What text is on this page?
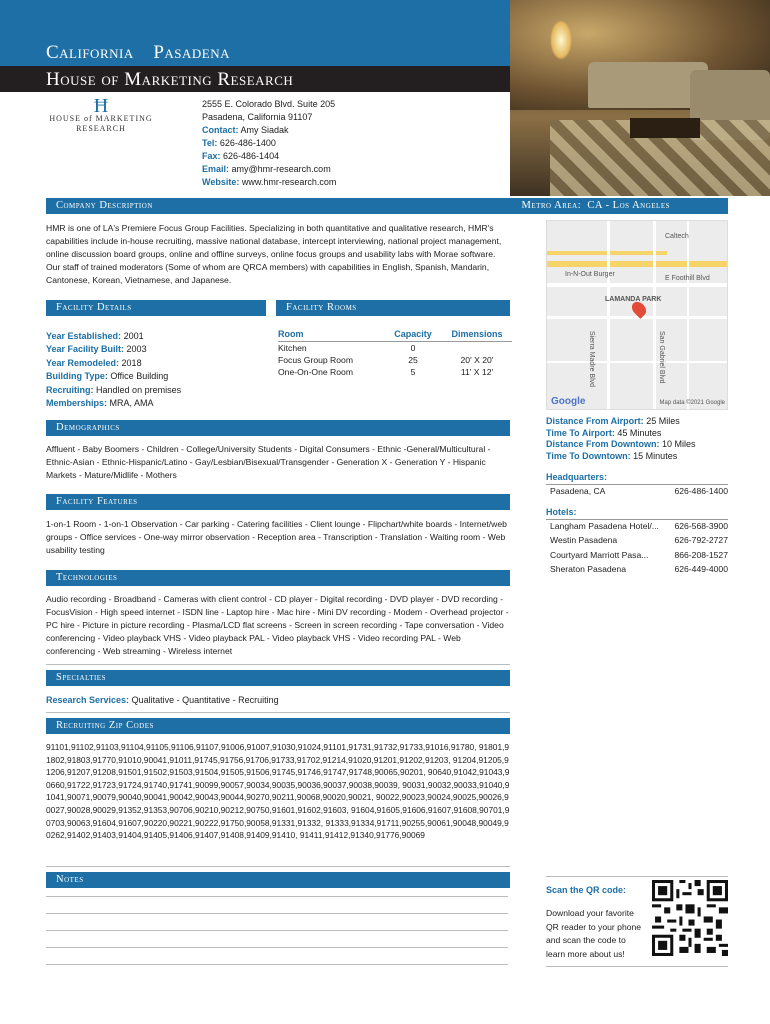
California Pasadena
House of Marketing Research
Ħ
HOUSE of MARKETING
RESEARCH
2555 E. Colorado Blvd. Suite 205
Pasadena, California 91107
Contact: Amy Siadak
Tel: 626-486-1400
Fax: 626-486-1404
Email: amy@hmr-research.com
Website: www.hmr-research.com
Company Description	Metro Area: CA - Los Angeles
HMR is one of LA's Premiere Focus Group Facilities. Specializing in both quantitative and qualitative research, HMR's capabilities include in-house recruiting, massive national database, intercept interviewing, national project management, online discussion board groups, online and offline surveys, online focus groups and usability labs with Morae software. Our staff of trained moderators (Some of whom are QRCA members) with capabilities in English, Spanish, Mandarin, Cantonese, Korean, Vietnamese, and Japanese.
Facility Details
Year Established: 2001
Year Facility Built: 2003
Year Remodeled: 2018
Building Type: Office Building
Recruiting: Handled on premises
Memberships: MRA, AMA
Facility Rooms
Room	Capacity	Dimensions
Kitchen	0	
Focus Group Room	25	20' X 20'
One-On-One Room	5	11' X 12'
Caltech
In-N-Out Burger
E Foothill Blvd
LAMANDA PARK
Sierra Madre Blvd	San Gabriel Blvd
Google	Map data ©2021 Google
Distance From Airport: 25 Miles
Time To Airport: 45 Minutes
Distance From Downtown: 10 Miles
Time To Downtown: 15 Minutes
Headquarters:
Pasadena, CA	626-486-1400
Hotels:
Langham Pasadena Hotel/... 626-568-3900
Westin Pasadena	626-792-2727
Courtyard Marriott Pasa...	866-208-1527
Sheraton Pasadena	626-449-4000
Demographics
Affluent - Baby Boomers - Children - College/University Students - Digital Consumers - Ethnic -General/Multicultural - Ethnic-Asian - Ethnic-Hispanic/Latino - Gay/Lesbian/Bisexual/Transgender - Generation X - Generation Y - Hispanic Markets - Mature/Midlife - Mothers
Facility Features
1-on-1 Room - 1-on-1 Observation - Car parking - Catering facilities - Client lounge - Flipchart/white boards - Internet/web groups - Office services - One-way mirror observation - Reception area - Transcription - Translation - Waiting room - Web usability testing
Technologies
Audio recording - Broadband - Cameras with client control - CD player - Digital recording - DVD player - DVD recording - FocusVision - High speed internet - ISDN line - Laptop hire - Mac hire - Mini DV recording - Modem - Overhead projector - PC hire - Picture in picture recording - Plasma/LCD flat screens - Screen in screen recording - Tape conversation - Video conferencing - Video playback VHS - Video playback PAL - Video playback VHS - Video recording PAL - Web conferencing - Web streaming - Wireless internet
Specialties
Research Services: Qualitative - Quantitative - Recruiting
Recruiting Zip Codes
91101,91102,91103,91104,91105,91106,91107,91006,91007,91030,91024,91101,91731,91732,91733,91016,91780, 91801,91802,91803,91770,91010,90041,91011,91745,91756,91706,91733,91702,91214,91020,91201,91202,91203, 91204,91205,91206,91207,91208,91501,91502,91503,91504,91505,91506,91745,91746,91747,91748,90065,90201, 90640,91042,91043,90660,91722,91723,91724,91740,91741,90099,90057,90034,90035,90036,90037,90038,90039, 90031,90032,90033,91040,91041,90071,90079,90040,90041,90042,90043,90044,90270,90211,90068,90020,90021, 90022,90023,90024,90025,90026,90027,90028,90029,91352,91353,90706,90210,90212,90750,91601,91602,91603, 91604,91605,91606,91607,91608,90701,90703,90063,91604,91607,90220,90221,90222,91750,90058,91331,91332, 91333,91334,91711,90255,90061,90048,90049,90262,91402,91403,91404,91405,91406,91407,91408,91409,91410, 91411,91412,91340,91776,90069
Notes
Scan the QR code:
Download your favorite QR reader to your phone and scan the code to learn more about us!
